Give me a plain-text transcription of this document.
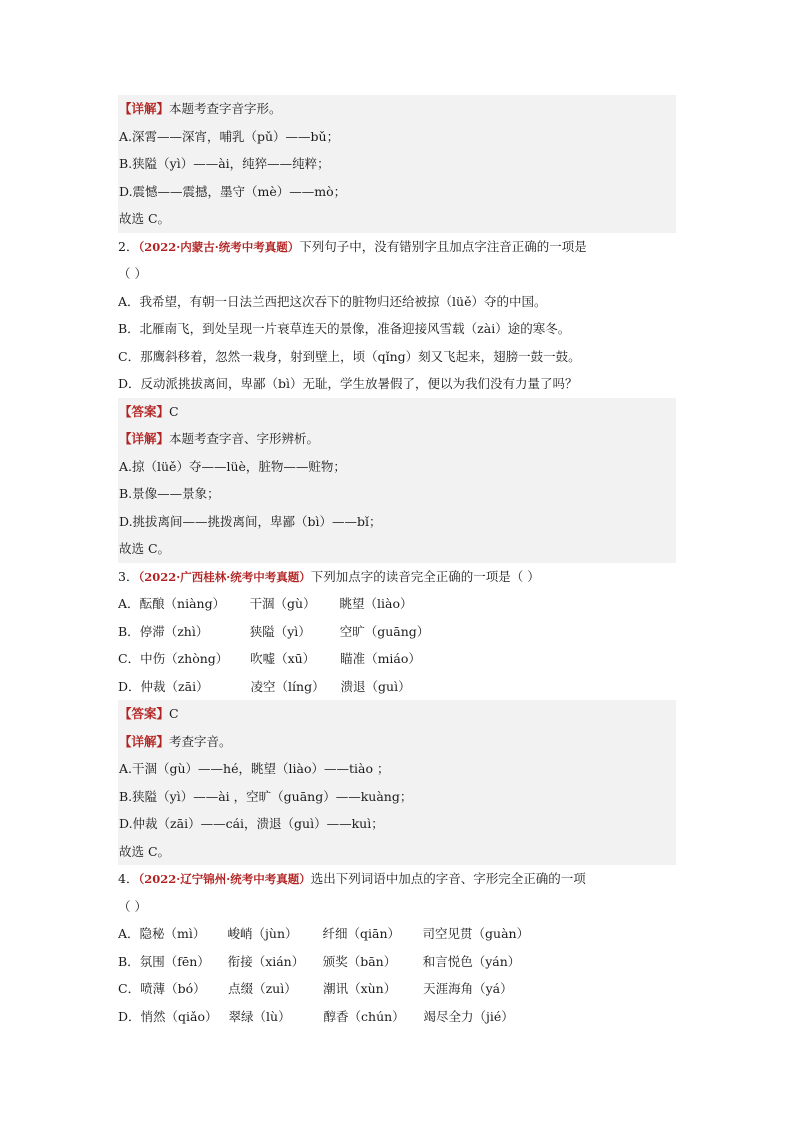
【详解】本题考查字音字形。
A.深霄——深宵，哺乳（pǔ）——bǔ；
B.狭隘（yì）——ài，纯猝——纯粹；
D.震憾——震撼，墨守（mè）——mò；
故选 C。
2．（2022·内蒙古·统考中考真题）下列句子中，没有错别字且加点字注音正确的一项是
（ ）
A．我希望，有朝一日法兰西把这次吞下的脏物归还给被掠（lüě）夺的中国。
B．北雁南飞，到处呈现一片衰草连天的景像，准备迎接风雪载（zài）途的寒冬。
C．那鹰斜移着，忽然一栽身，射到壁上，顷（qǐng）刻又飞起来，翅膀一鼓一鼓。
D．反动派挑拔离间，卑鄙（bì）无耻，学生放暑假了，便以为我们没有力量了吗？
【答案】C
【详解】本题考查字音、字形辨析。
A.掠（lüě）夺——lüè，脏物——赃物；
B.景像——景象；
D.挑拔离间——挑拨离间，卑鄙（bì）——bǐ；
故选 C。
3．（2022·广西桂林·统考中考真题）下列加点字的读音完全正确的一项是（ ）
A．酝酿（niàng） 干涸（gù） 眺望（liào）
B．停滞（zhì）	狭隘（yì） 空旷（guāng）
C．中伤（zhòng） 吹嘘（xū） 瞄准（miáo）
D．仲裁（zāi）	凌空（líng） 溃退（guì）
【答案】C
【详解】考查字音。
A.干涸（gù）——hé，眺望（liào）——tiào ；
B.狭隘（yì）——ài ，空旷（guāng）——kuàng；
D.仲裁（zāi）——cái，溃退（guì）——kuì；
故选 C。
4．（2022·辽宁锦州·统考中考真题）选出下列词语中加点的字音、字形完全正确的一项
（ ）
A．隐秘（mì） 峻峭（jùn） 纤细（qiān） 司空见贯（guàn）
B．氛围（fēn） 衔接（xián） 颁奖（bān） 和言悦色（yán）
C．喷薄（bó） 点缀（zuì） 潮讯（xùn） 天涯海角（yá）
D．悄然（qiǎo） 翠绿（lù）	醇香（chún） 竭尽全力（jié）
